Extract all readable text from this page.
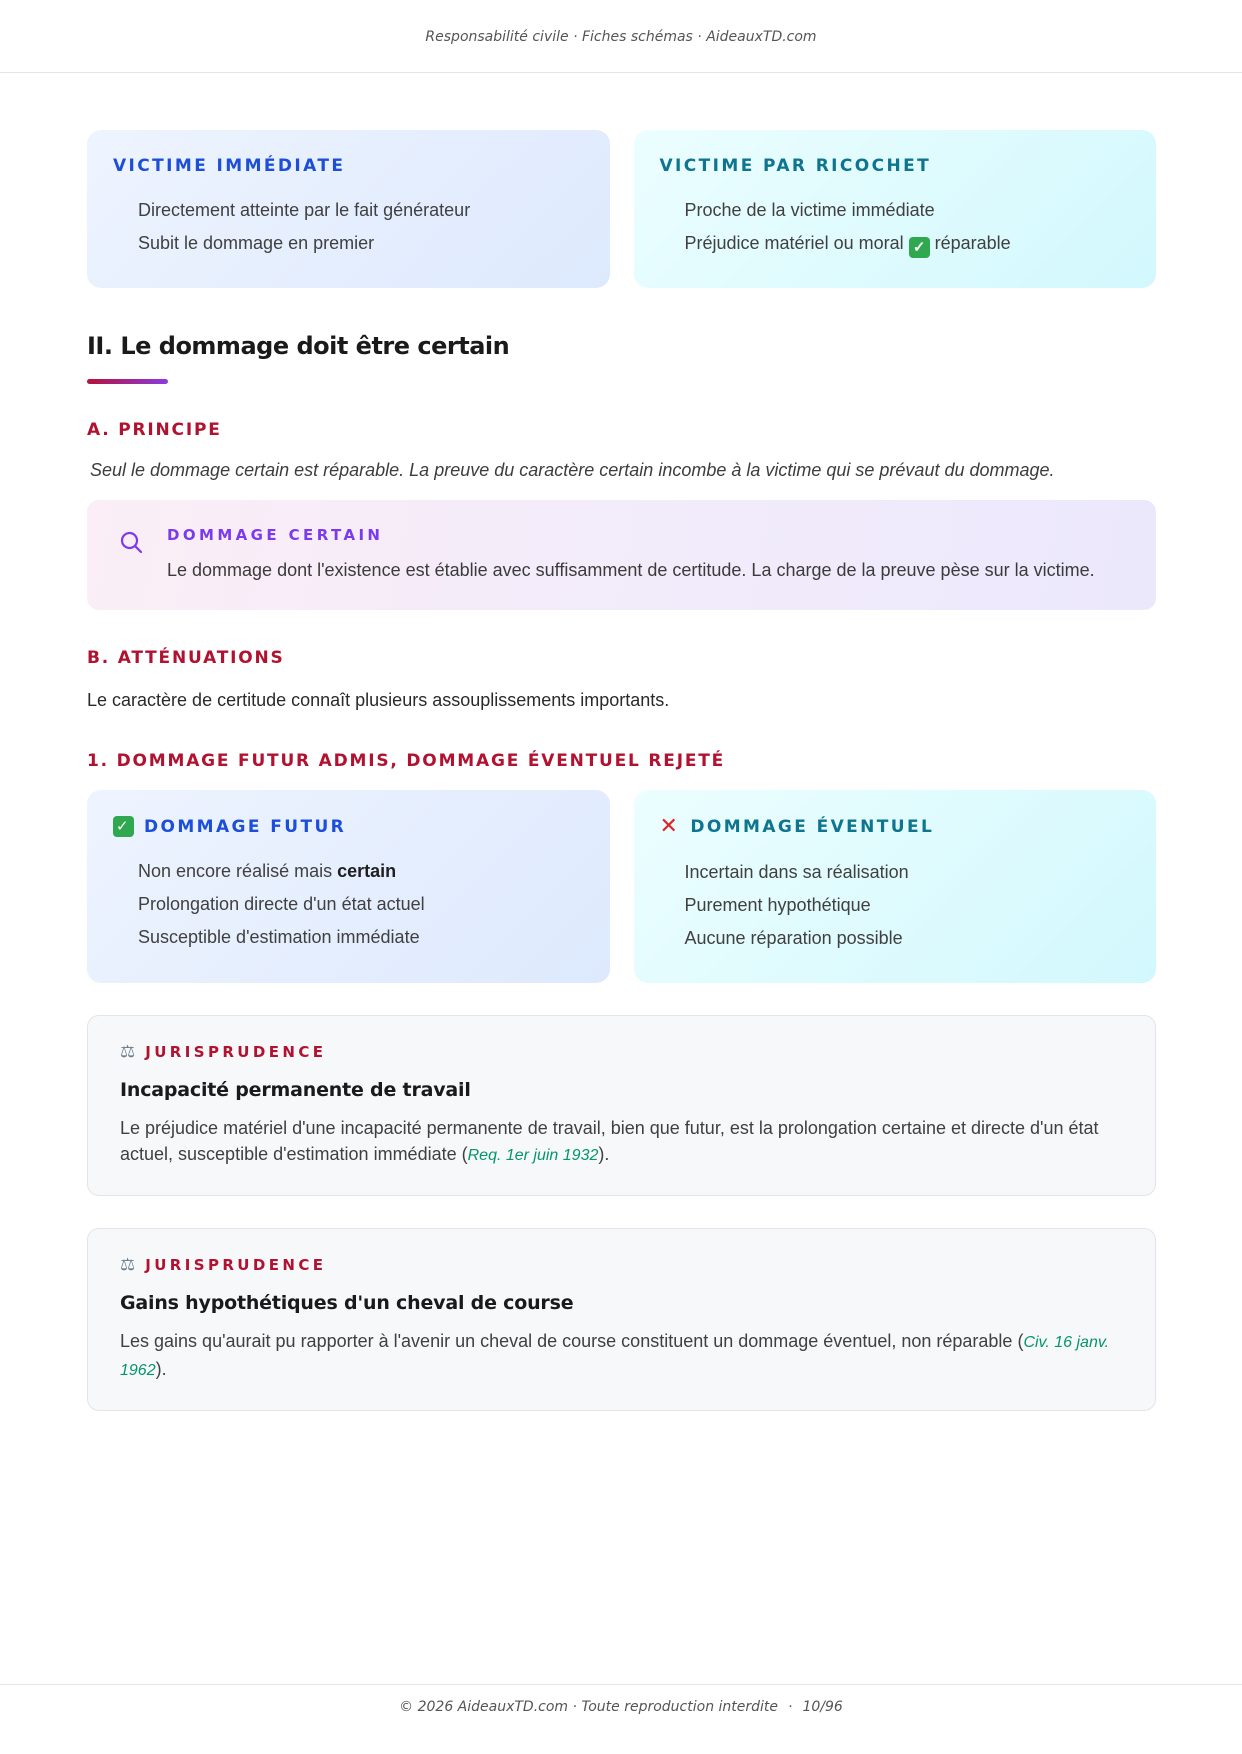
Responsabilité civile · Fiches schémas · AideauxTD.com
VICTIME IMMÉDIATE
Directement atteinte par le fait générateur
Subit le dommage en premier
VICTIME PAR RICOCHET
Proche de la victime immédiate
Préjudice matériel ou moral ✓ réparable
II. Le dommage doit être certain
A. PRINCIPE

Seul le dommage certain est réparable. La preuve du caractère certain incombe à la victime qui se prévaut du dommage.

DOMMAGE CERTAIN
Le dommage dont l'existence est établie avec suffisamment de certitude. La charge de la preuve pèse sur la victime.
B. ATTÉNUATIONS

Le caractère de certitude connaît plusieurs assouplissements importants.

1. DOMMAGE FUTUR ADMIS, DOMMAGE ÉVENTUEL REJETÉ
✓ DOMMAGE FUTUR
Non encore réalisé mais certain
Prolongation directe d'un état actuel
Susceptible d'estimation immédiate
✕ DOMMAGE ÉVENTUEL
Incertain dans sa réalisation
Purement hypothétique
Aucune réparation possible
⚖ JURISPRUDENCE
Incapacité permanente de travail
Le préjudice matériel d'une incapacité permanente de travail, bien que futur, est la prolongation certaine et directe d'un état actuel, susceptible d'estimation immédiate (Req. 1er juin 1932).
⚖ JURISPRUDENCE
Gains hypothétiques d'un cheval de course
Les gains qu'aurait pu rapporter à l'avenir un cheval de course constituent un dommage éventuel, non réparable (Civ. 16 janv. 1962).
© 2026 AideauxTD.com · Toute reproduction interdite · 10/96
